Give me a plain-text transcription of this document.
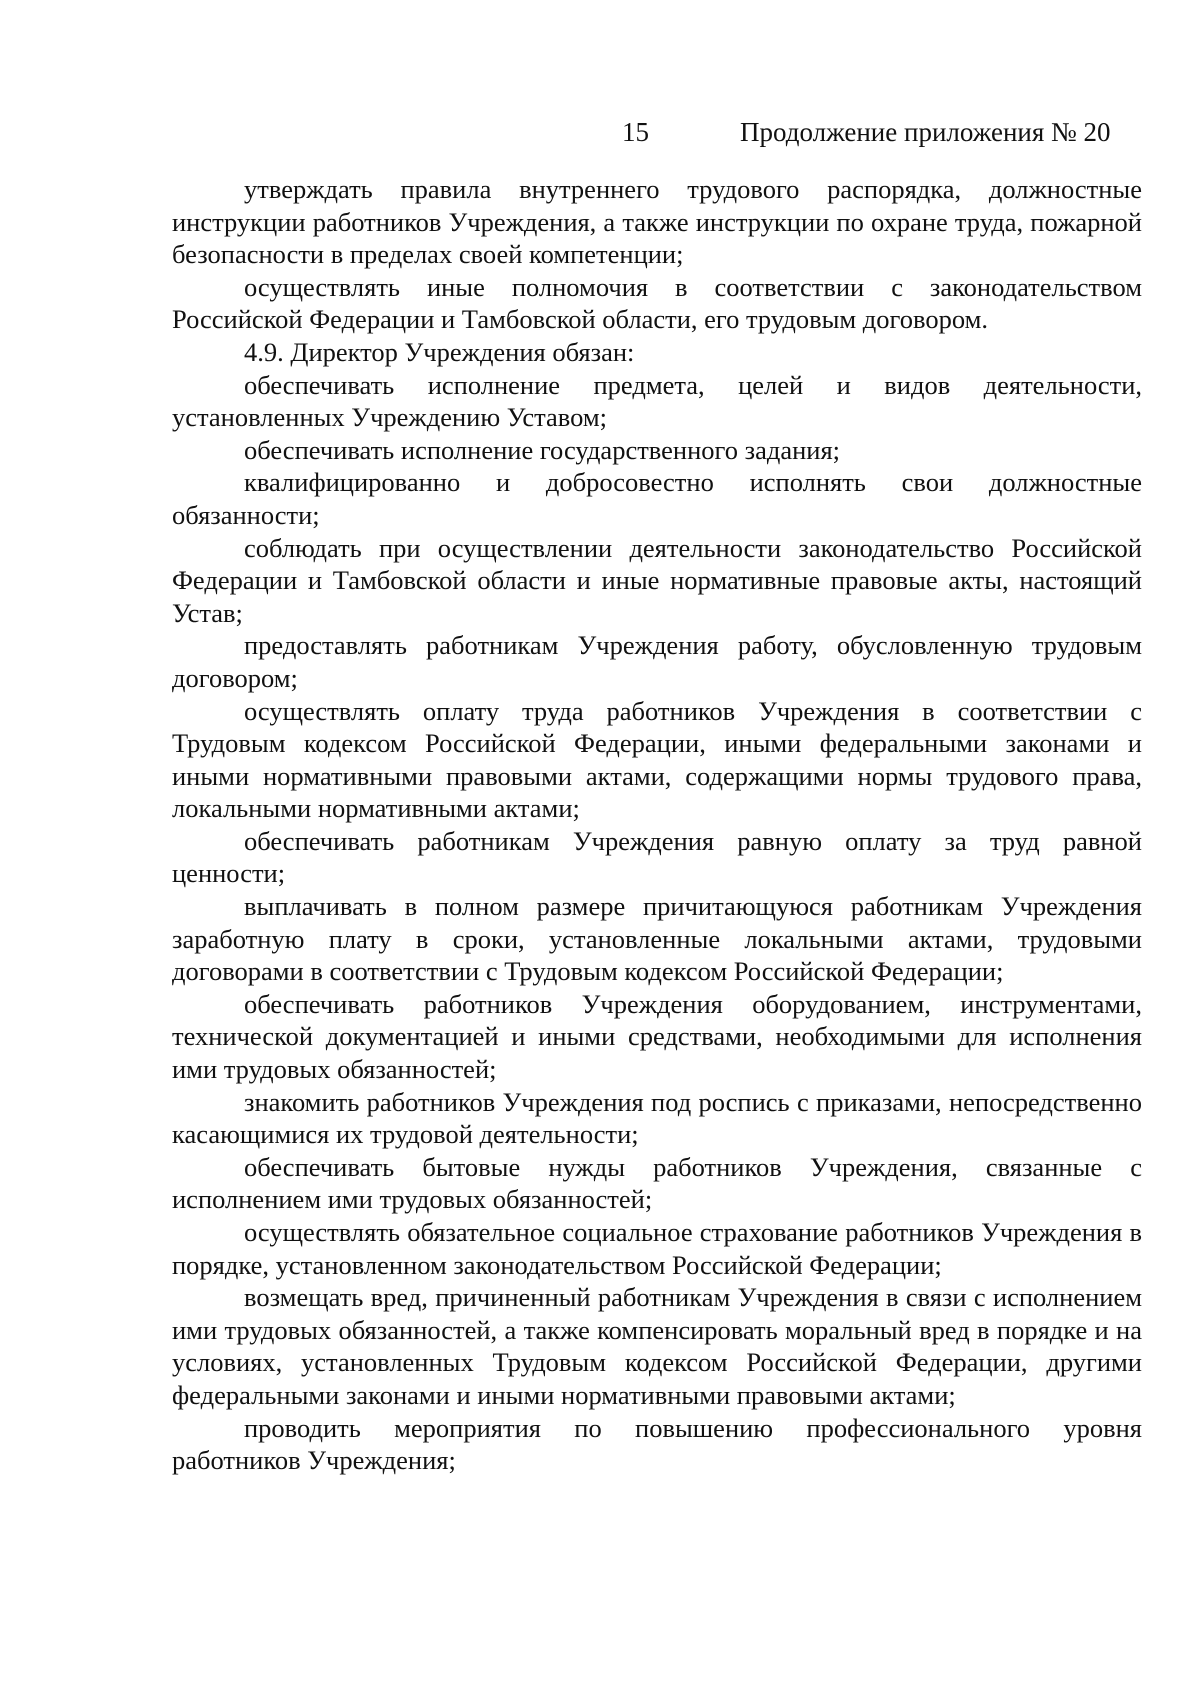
15	Продолжение приложения № 20

утверждать правила внутреннего трудового распорядка, должностные инструкции работников Учреждения, а также инструкции по охране труда, пожарной безопасности в пределах своей компетенции;

осуществлять иные полномочия в соответствии с законодательством Российской Федерации и Тамбовской области, его трудовым договором.

4.9. Директор Учреждения обязан:

обеспечивать исполнение предмета, целей и видов деятельности, установленных Учреждению Уставом;

обеспечивать исполнение государственного задания;

квалифицированно и добросовестно исполнять свои должностные обязанности;

соблюдать при осуществлении деятельности законодательство Российской Федерации и Тамбовской области и иные нормативные правовые акты, настоящий Устав;

предоставлять работникам Учреждения работу, обусловленную трудовым договором;

осуществлять оплату труда работников Учреждения в соответствии с Трудовым кодексом Российской Федерации, иными федеральными законами и иными нормативными правовыми актами, содержащими нормы трудового права, локальными нормативными актами;

обеспечивать работникам Учреждения равную оплату за труд равной ценности;

выплачивать в полном размере причитающуюся работникам Учреждения заработную плату в сроки, установленные локальными актами, трудовыми договорами в соответствии с Трудовым кодексом Российской Федерации;

обеспечивать работников Учреждения оборудованием, инструментами, технической документацией и иными средствами, необходимыми для исполнения ими трудовых обязанностей;

знакомить работников Учреждения под роспись с приказами, непосредственно касающимися их трудовой деятельности;

обеспечивать бытовые нужды работников Учреждения, связанные с исполнением ими трудовых обязанностей;

осуществлять обязательное социальное страхование работников Учреждения в порядке, установленном законодательством Российской Федерации;

возмещать вред, причиненный работникам Учреждения в связи с исполнением ими трудовых обязанностей, а также компенсировать моральный вред в порядке и на условиях, установленных Трудовым кодексом Российской Федерации, другими федеральными законами и иными нормативными правовыми актами;

проводить мероприятия по повышению профессионального уровня работников Учреждения;
